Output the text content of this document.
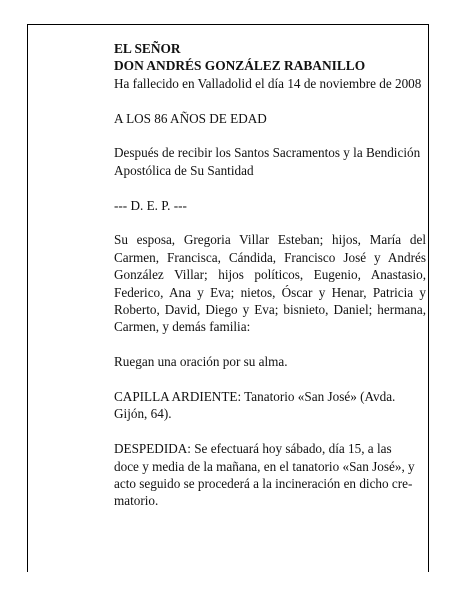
EL SEÑOR

DON ANDRÉS GONZÁLEZ RABANILLO

Ha fallecido en Valladolid el día 14 de noviembre de 2008

A LOS 86 AÑOS DE EDAD

Después de recibir los Santos Sacramentos y la Bendición Apostólica de Su Santidad

--- D. E. P. ---

Su esposa, Gregoria Villar Esteban; hijos, María del Carmen, Francisca, Cándida, Francisco José y Andrés González Villar; hijos políticos, Eugenio, Anastasio, Federico, Ana y Eva; nietos, Óscar y Henar, Patricia y Roberto, David, Diego y Eva; bisnieto, Daniel; hermana, Carmen, y demás familia:

Ruegan una oración por su alma.

CAPILLA ARDIENTE: Tanatorio «San José» (Avda. Gijón, 64).

DESPEDIDA: Se efectuará hoy sábado, día 15, a las
doce y media de la mañana, en el tanatorio «San José», y
acto seguido se procederá a la incineración en dicho cre-
matorio.
